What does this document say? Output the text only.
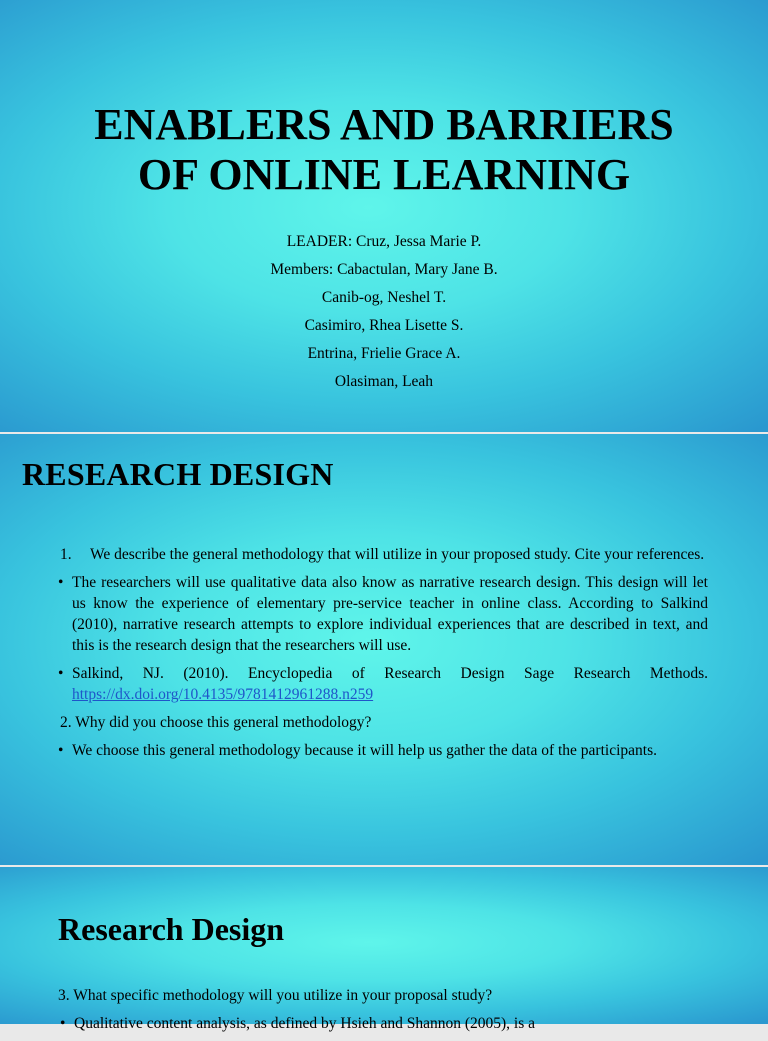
ENABLERS AND BARRIERS
OF ONLINE LEARNING
LEADER: Cruz, Jessa Marie P.
Members: Cabactulan, Mary Jane B.
Canib-og, Neshel T.
Casimiro, Rhea Lisette S.
Entrina, Frielie Grace A.
Olasiman, Leah
RESEARCH DESIGN
1. We describe the general methodology that will utilize in your proposed study. Cite your references.
• The researchers will use qualitative data also know as narrative research design. This design will let us know the experience of elementary pre-service teacher in online class. According to Salkind (2010), narrative research attempts to explore individual experiences that are described in text, and this is the research design that the researchers will use.
• Salkind, NJ. (2010). Encyclopedia of Research Design Sage Research Methods. https://dx.doi.org/10.4135/9781412961288.n259
2. Why did you choose this general methodology?
• We choose this general methodology because it will help us gather the data of the participants.
Research Design
3. What specific methodology will you utilize in your proposal study?
• Qualitative content analysis, as defined by Hsieh and Shannon (2005), is a
